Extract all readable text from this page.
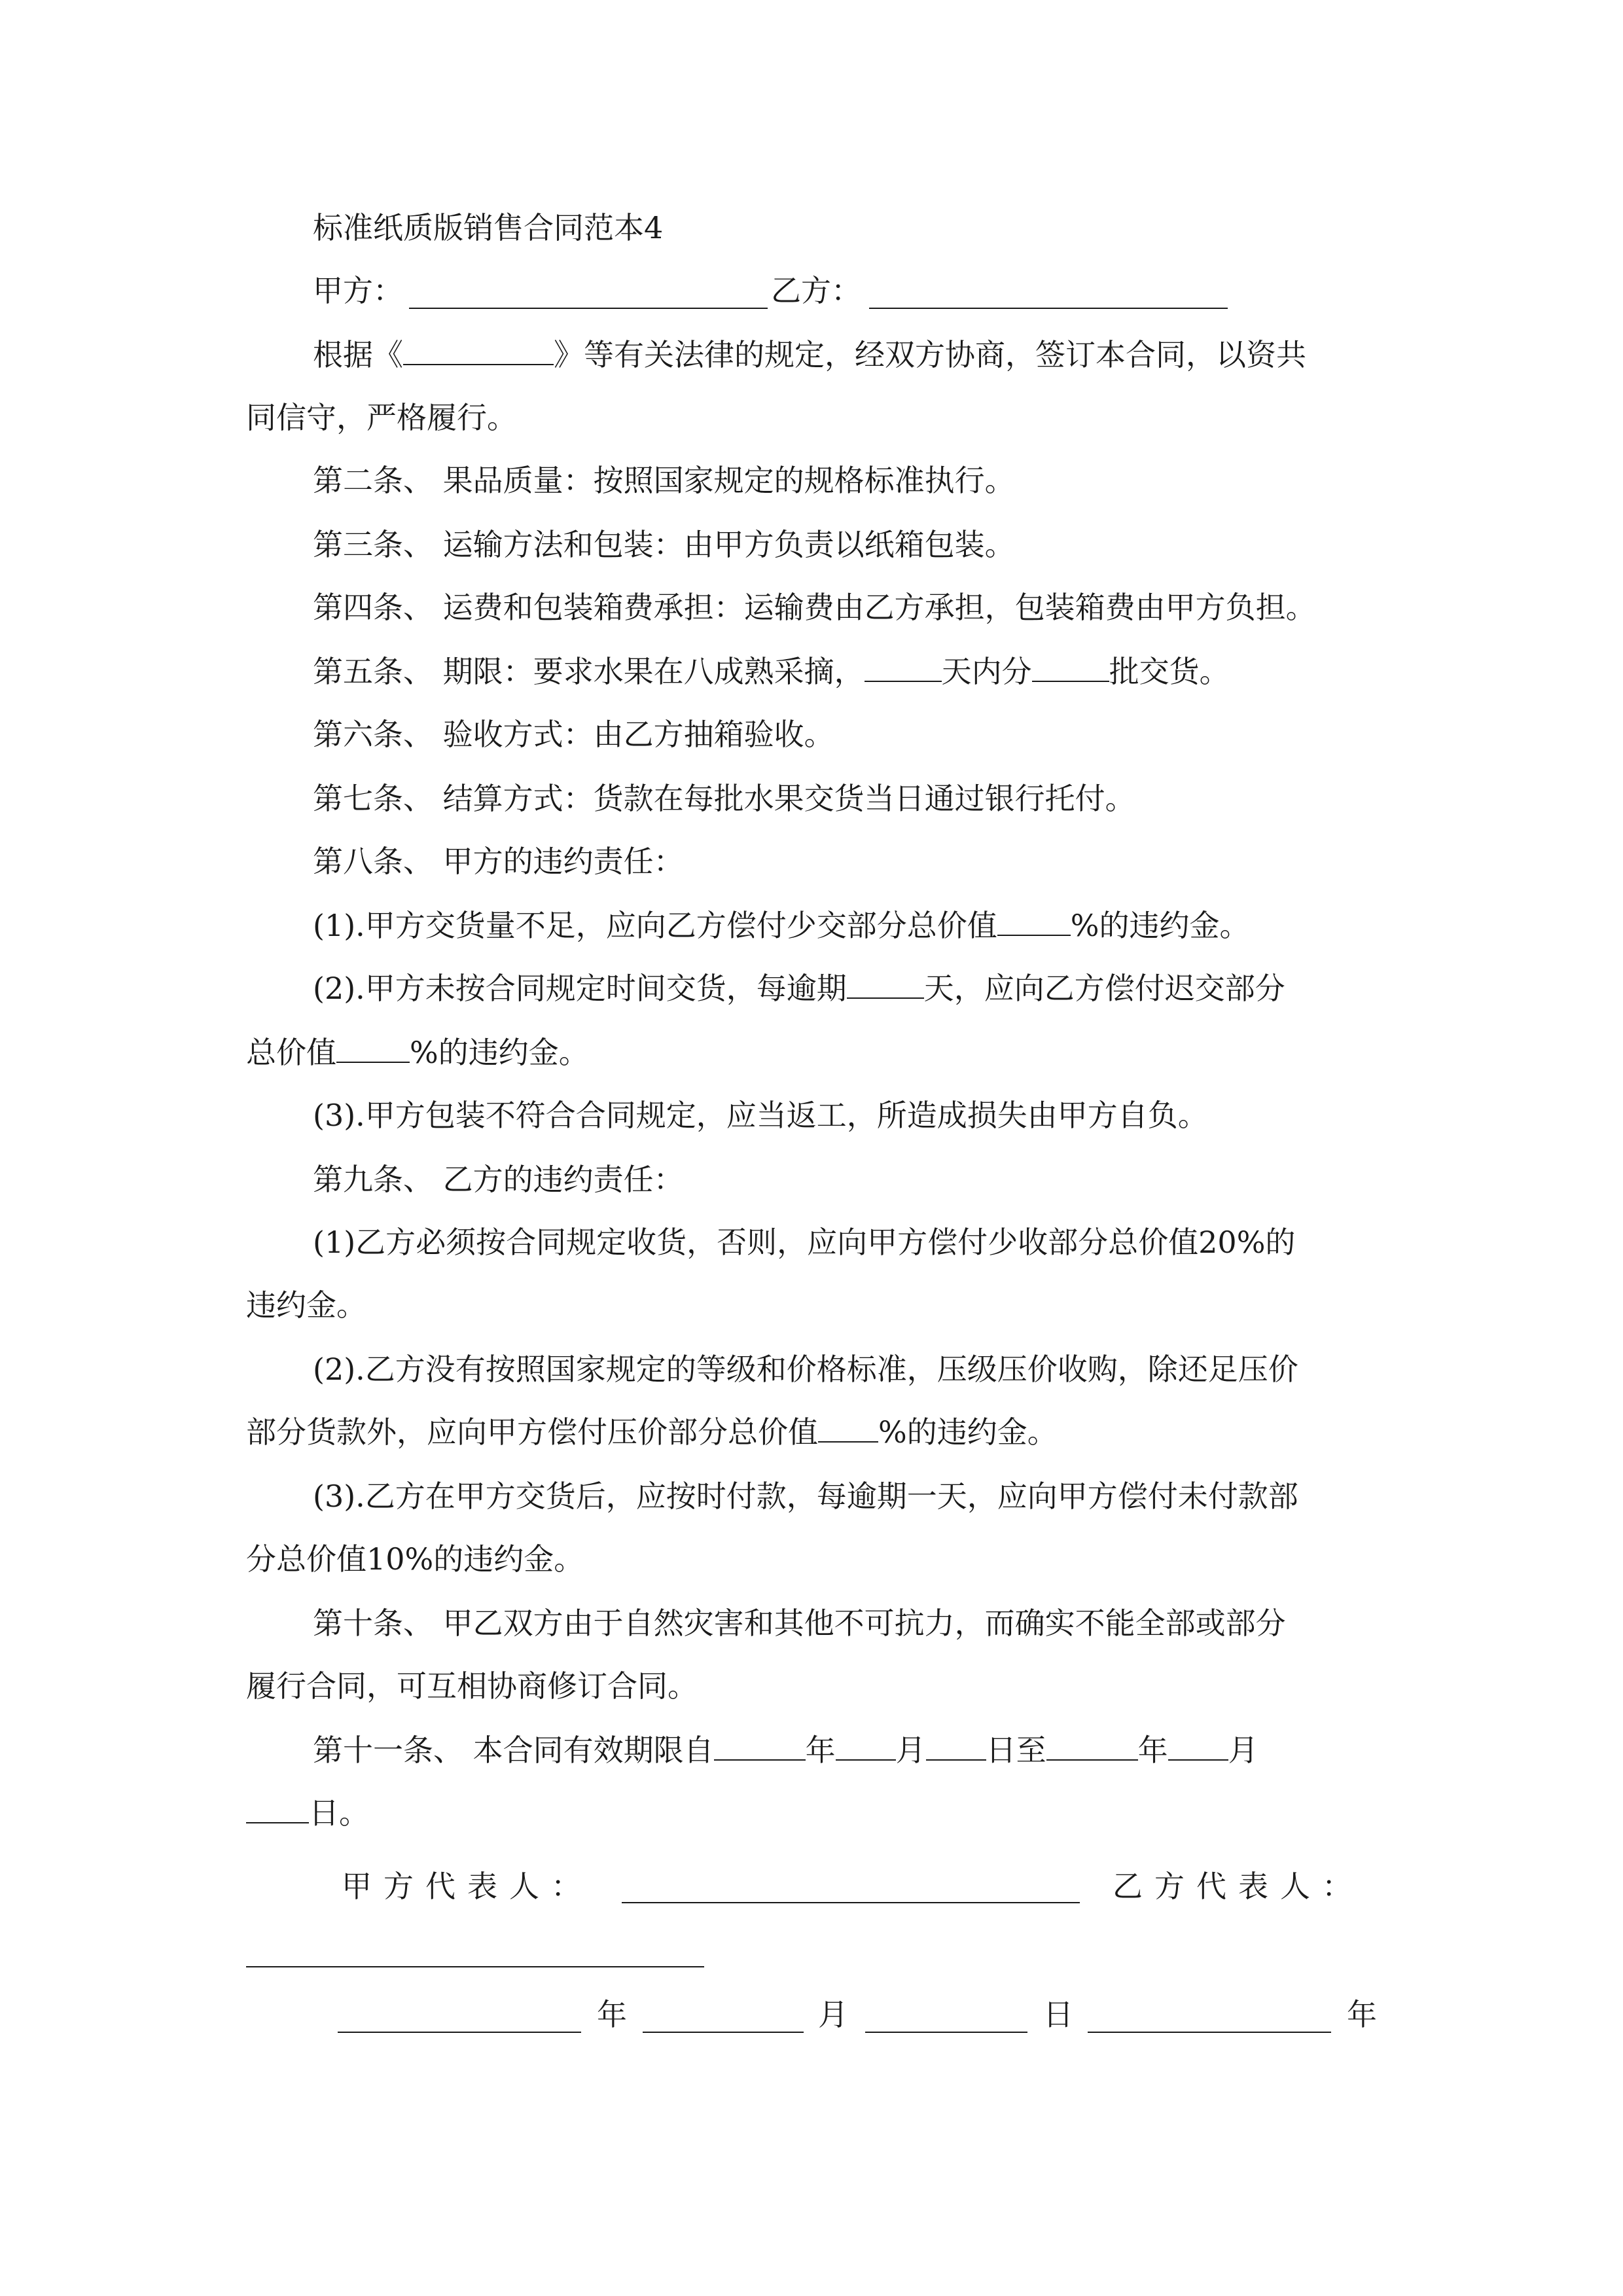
标准纸质版销售合同范本4
甲方：	乙方：
根据《	》等有关法律的规定，经双方协商，签订本合同，以资共
同信守，严格履行。
第二条、 果品质量：按照国家规定的规格标准执行。
第三条、 运输方法和包装：由甲方负责以纸箱包装。
第四条、 运费和包装箱费承担：运输费由乙方承担，包装箱费由甲方负担。
第五条、 期限：要求水果在八成熟采摘，	天内分	批交货。
第六条、 验收方式：由乙方抽箱验收。
第七条、 结算方式：货款在每批水果交货当日通过银行托付。
第八条、 甲方的违约责任：
(1).甲方交货量不足，应向乙方偿付少交部分总价值 %的违约金。
(2).甲方未按合同规定时间交货，每逾期	天，应向乙方偿付迟交部分
总价值 %的违约金。
(3).甲方包装不符合合同规定，应当返工，所造成损失由甲方自负。
第九条、 乙方的违约责任：
(1)乙方必须按合同规定收货，否则，应向甲方偿付少收部分总价值20%的
违约金。
(2).乙方没有按照国家规定的等级和价格标准，压级压价收购，除还足压价
部分货款外，应向甲方偿付压价部分总价值 %的违约金。
(3).乙方在甲方交货后，应按时付款，每逾期一天，应向甲方偿付未付款部
分总价值10%的违约金。
第十条、 甲乙双方由于自然灾害和其他不可抗力，而确实不能全部或部分
履行合同，可互相协商修订合同。
第十一条、 本合同有效期限自	年 月 日至	年 月
日。
甲方代表人：	乙方代表人：
年	月	日	年
